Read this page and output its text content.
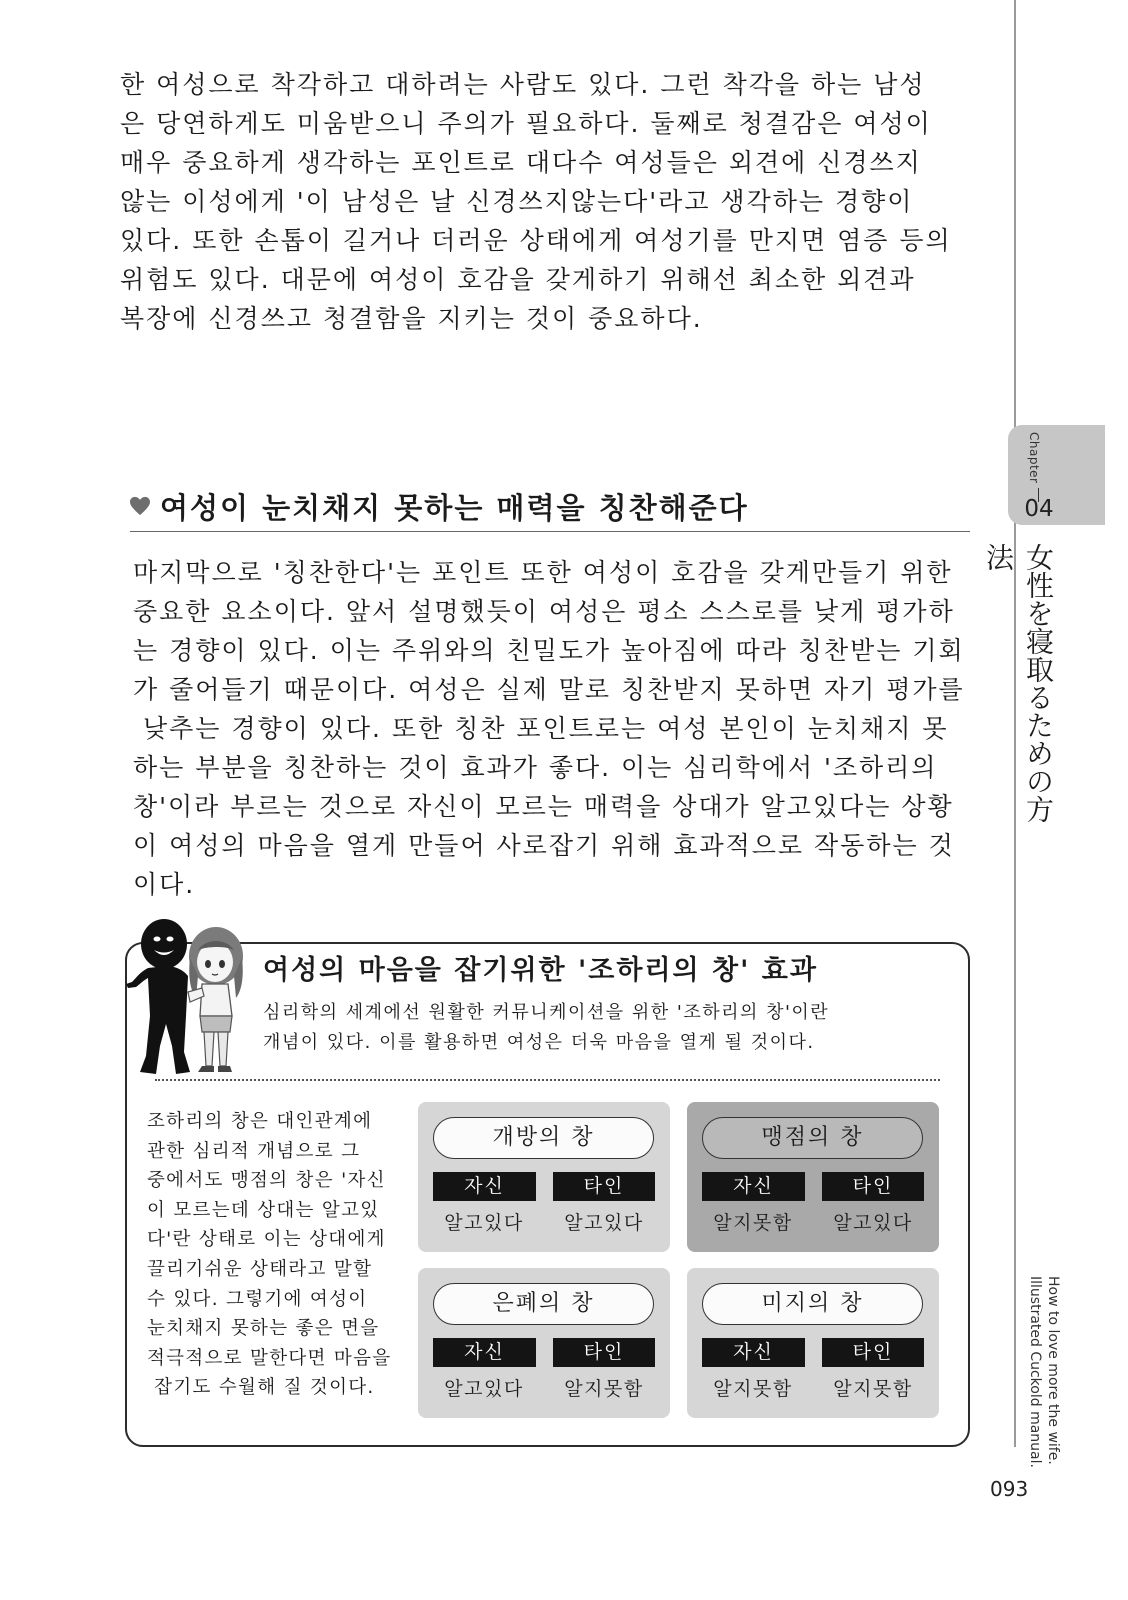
한 여성으로 착각하고 대하려는 사람도 있다. 그런 착각을 하는 남성
은 당연하게도 미움받으니 주의가 필요하다. 둘째로 청결감은 여성이
매우 중요하게 생각하는 포인트로 대다수 여성들은 외견에 신경쓰지
않는 이성에게 '이 남성은 날 신경쓰지않는다'라고 생각하는 경향이
있다. 또한 손톱이 길거나 더러운 상태에게 여성기를 만지면 염증 등의
위험도 있다. 대문에 여성이 호감을 갖게하기 위해선 최소한 외견과
복장에 신경쓰고 청결함을 지키는 것이 중요하다.
Chapter
04
女性を寝取るための方法
How to love more the wife.
Illustrated Cuckold manual.
093
여성이 눈치채지 못하는 매력을 칭찬해준다
마지막으로 '칭찬한다'는 포인트 또한 여성이 호감을 갖게만들기 위한
중요한 요소이다. 앞서 설명했듯이 여성은 평소 스스로를 낮게 평가하
는 경향이 있다. 이는 주위와의 친밀도가 높아짐에 따라 칭찬받는 기회
가 줄어들기 때문이다. 여성은 실제 말로 칭찬받지 못하면 자기 평가를
낮추는 경향이 있다. 또한 칭찬 포인트로는 여성 본인이 눈치채지 못
하는 부분을 칭찬하는 것이 효과가 좋다. 이는 심리학에서 '조하리의
창'이라 부르는 것으로 자신이 모르는 매력을 상대가 알고있다는 상황
이 여성의 마음을 열게 만들어 사로잡기 위해 효과적으로 작동하는 것
이다.
여성의 마음을 잡기위한 '조하리의 창' 효과
심리학의 세계에선 원활한 커뮤니케이션을 위한 '조하리의 창'이란
개념이 있다. 이를 활용하면 여성은 더욱 마음을 열게 될 것이다.
조하리의 창은 대인관계에
관한 심리적 개념으로 그
중에서도 맹점의 창은 '자신
이 모르는데 상대는 알고있
다'란 상태로 이는 상대에게
끌리기쉬운 상태라고 말할
수 있다. 그렇기에 여성이
눈치채지 못하는 좋은 면을
적극적으로 말한다면 마음을
잡기도 수월해 질 것이다.
개방의 창
자신	타인
알고있다	알고있다
맹점의 창
자신	타인
알지못함	알고있다
은폐의 창
자신	타인
알고있다	알지못함
미지의 창
자신	타인
알지못함	알지못함
